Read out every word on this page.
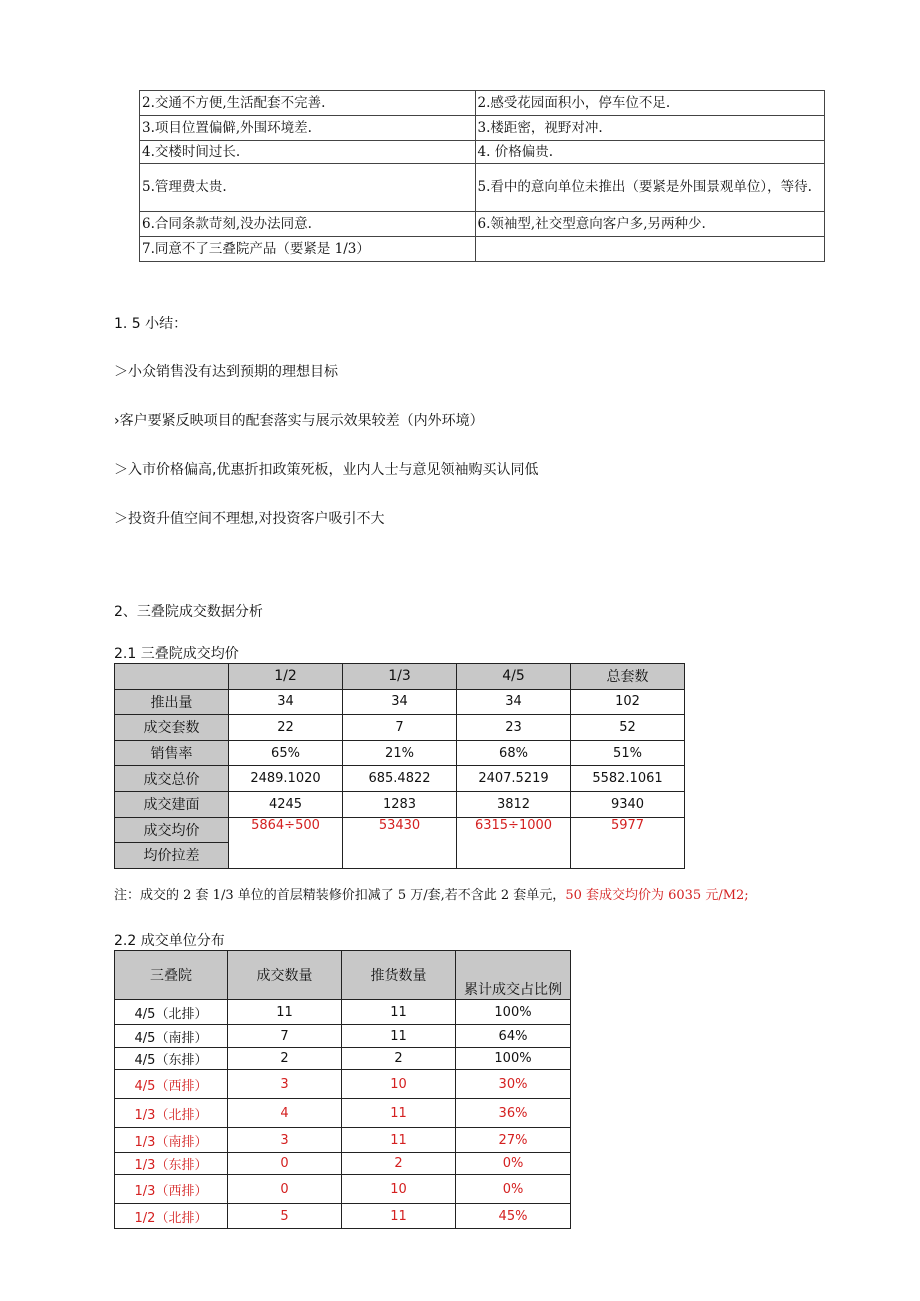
2.交通不方便,生活配套不完善.	2.感受花园面积小，停车位不足.
3.项目位置偏僻,外围环境差.	3.楼距密，视野对冲.
4.交楼时间过长.	4. 价格偏贵.
5.管理费太贵.	5.看中的意向单位未推出（要紧是外围景观单位），等待.
6.合同条款苛刻,没办法同意.	6.领袖型,社交型意向客户多,另两种少.
7.同意不了三叠院产品（要紧是 1/3）	
1. 5 小结：
＞小众销售没有达到预期的理想目标
›客户要紧反映项目的配套落实与展示效果较差（内外环境）
＞入市价格偏高,优惠折扣政策死板，业内人士与意见领袖购买认同低
＞投资升值空间不理想,对投资客户吸引不大
2、三叠院成交数据分析
2.1 三叠院成交均价
	1/2	1/3	4/5	总套数
推出量	34	34	34	102
成交套数	22	7	23	52
销售率	65%	21%	68%	51%
成交总价	2489.1020	685.4822	2407.5219	5582.1061
成交建面	4245	1283	3812	9340
成交均价	5864÷500	53430	6315÷1000	5977
均价拉差				
注：成交的 2 套 1/3 单位的首层精装修价扣减了 5 万/套,若不含此 2 套单元，50 套成交均价为 6035 元/M2;
2.2 成交单位分布
三叠院	成交数量	推货数量	累计成交占比例
4/5（北排）	11	11	100%
4/5（南排）	7	11	64%
4/5（东排）	2	2	100%
4/5（西排）	3	10	30%
1/3（北排）	4	11	36%
1/3（南排）	3	11	27%
1/3（东排）	0	2	0%
1/3（西排）	0	10	0%
1/2（北排）	5	11	45%
